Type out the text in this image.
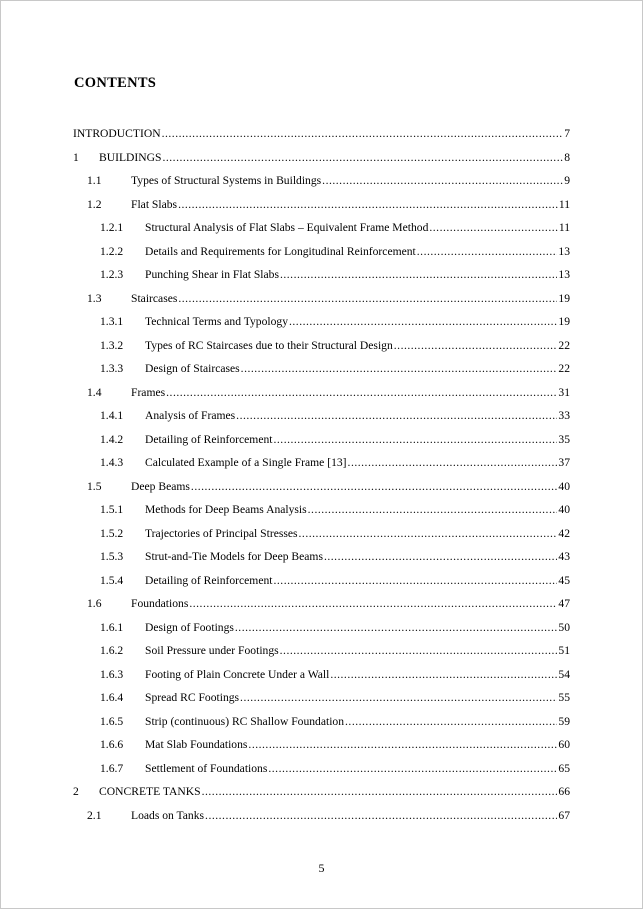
CONTENTS
INTRODUCTION .....	7
1	BUILDINGS .....	8
1.1	Types of Structural Systems in Buildings .....	9
1.2	Flat Slabs .....	11
1.2.1	Structural Analysis of Flat Slabs – Equivalent Frame Method .....	11
1.2.2	Details and Requirements for Longitudinal Reinforcement .....	13
1.2.3	Punching Shear in Flat Slabs .....	13
1.3	Staircases .....	19
1.3.1	Technical Terms and Typology .....	19
1.3.2	Types of RC Staircases due to their Structural Design .....	22
1.3.3	Design of Staircases .....	22
1.4	Frames .....	31
1.4.1	Analysis of Frames .....	33
1.4.2	Detailing of Reinforcement .....	35
1.4.3	Calculated Example of a Single Frame [13] .....	37
1.5	Deep Beams .....	40
1.5.1	Methods for Deep Beams Analysis .....	40
1.5.2	Trajectories of Principal Stresses .....	42
1.5.3	Strut-and-Tie Models for Deep Beams .....	43
1.5.4	Detailing of Reinforcement .....	45
1.6	Foundations .....	47
1.6.1	Design of Footings .....	50
1.6.2	Soil Pressure under Footings .....	51
1.6.3	Footing of Plain Concrete Under a Wall .....	54
1.6.4	Spread RC Footings .....	55
1.6.5	Strip (continuous) RC Shallow Foundation .....	59
1.6.6	Mat Slab Foundations .....	60
1.6.7	Settlement of Foundations .....	65
2	CONCRETE TANKS .....	66
2.1	Loads on Tanks .....	67
5
